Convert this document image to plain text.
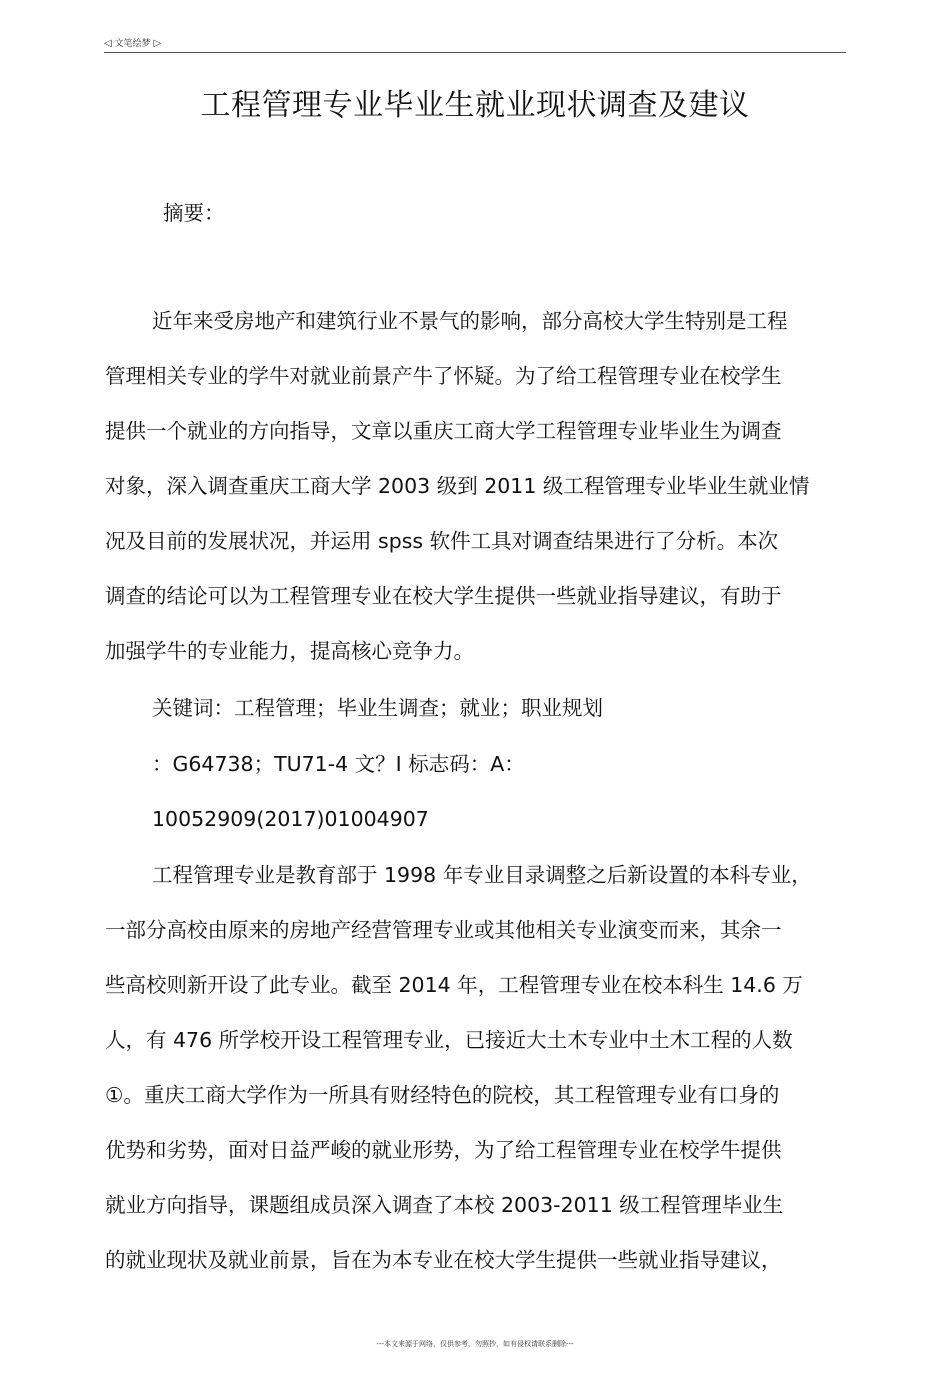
◁ 文笔绘梦 ▷
工程管理专业毕业生就业现状调查及建议
摘要：
近年来受房地产和建筑行业不景气的影响，部分高校大学生特别是工程
管理相关专业的学牛对就业前景产牛了怀疑。为了给工程管理专业在校学生
提供一个就业的方向指导，文章以重庆工商大学工程管理专业毕业生为调查
对象，深入调查重庆工商大学 2003 级到 2011 级工程管理专业毕业生就业情
况及目前的发展状况，并运用 spss 软件工具对调查结果进行了分析。本次
调查的结论可以为工程管理专业在校大学生提供一些就业指导建议，有助于
加强学牛的专业能力，提高核心竞争力。
关键词：工程管理；毕业生调查；就业；职业规划
：G64738；TU71-4 文？I 标志码：A：
10052909(2017)01004907
工程管理专业是教育部于 1998 年专业目录调整之后新设置的本科专业，
一部分高校由原来的房地产经营管理专业或其他相关专业演变而来，其余一
些高校则新开设了此专业。截至 2014 年，工程管理专业在校本科生 14.6 万
人，有 476 所学校开设工程管理专业，已接近大土木专业中土木工程的人数
①。重庆工商大学作为一所具有财经特色的院校，其工程管理专业有口身的
优势和劣势，面对日益严峻的就业形势，为了给工程管理专业在校学牛提供
就业方向指导，课题组成员深入调查了本校 2003-2011 级工程管理毕业生
的就业现状及就业前景，旨在为本专业在校大学生提供一些就业指导建议，
---本文来源于网络，仅供参考，勿照抄，如有侵权请联系删除---
